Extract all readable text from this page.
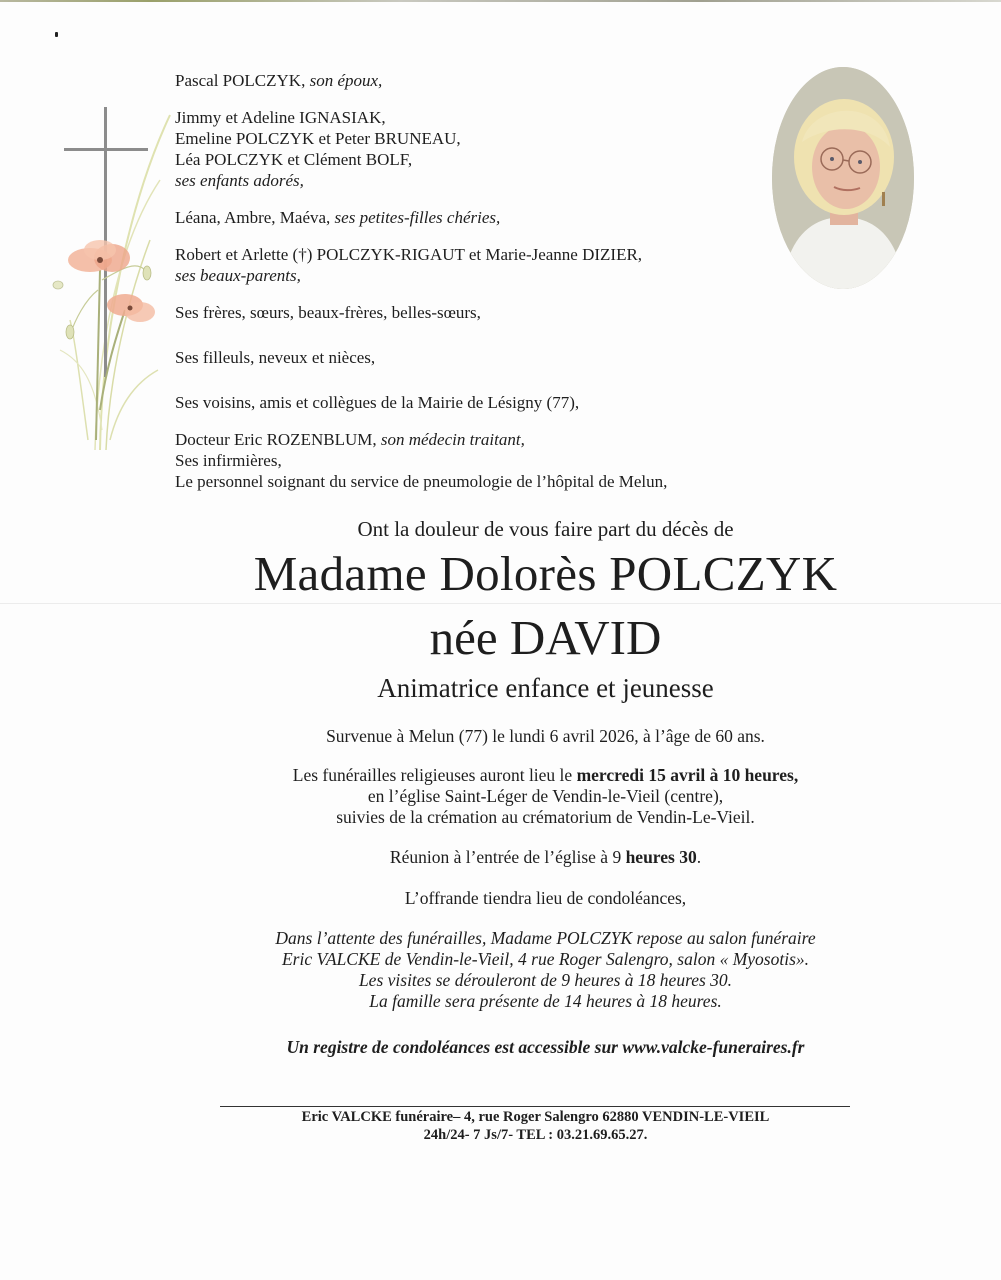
Pascal POLCZYK, son époux,

Jimmy et Adeline IGNASIAK,

Emeline POLCZYK et Peter BRUNEAU,

Léa POLCZYK et Clément BOLF,

ses enfants adorés,

Léana, Ambre, Maéva, ses petites-filles chéries,

Robert et Arlette (†) POLCZYK-RIGAUT et Marie-Jeanne DIZIER,

ses beaux-parents,

Ses frères, sœurs, beaux-frères, belles-sœurs,

Ses filleuls, neveux et nièces,

Ses voisins, amis et collègues de la Mairie de Lésigny (77),

Docteur Eric ROZENBLUM, son médecin traitant,

Ses infirmières,

Le personnel soignant du service de pneumologie de l’hôpital de Melun,

Ont la douleur de vous faire part du décès de
Madame Dolorès POLCZYK
née DAVID
Animatrice enfance et jeunesse

Survenue à Melun (77) le lundi 6 avril 2026, à l’âge de 60 ans.

Les funérailles religieuses auront lieu le mercredi 15 avril à 10 heures,

en l’église Saint-Léger de Vendin-le-Vieil (centre),

suivies de la crémation au crématorium de Vendin-Le-Vieil.

Réunion à l’entrée de l’église à 9 heures 30.

L’offrande tiendra lieu de condoléances,

Dans l’attente des funérailles, Madame POLCZYK repose au salon funéraire

Eric VALCKE de Vendin-le-Vieil, 4 rue Roger Salengro, salon « Myosotis».

Les visites se dérouleront de 9 heures à 18 heures 30.

La famille sera présente de 14 heures à 18 heures.

Un registre de condoléances est accessible sur www.valcke-funeraires.fr

Eric VALCKE funéraire– 4, rue Roger Salengro 62880 VENDIN-LE-VIEIL

24h/24- 7 Js/7- TEL : 03.21.69.65.27.
